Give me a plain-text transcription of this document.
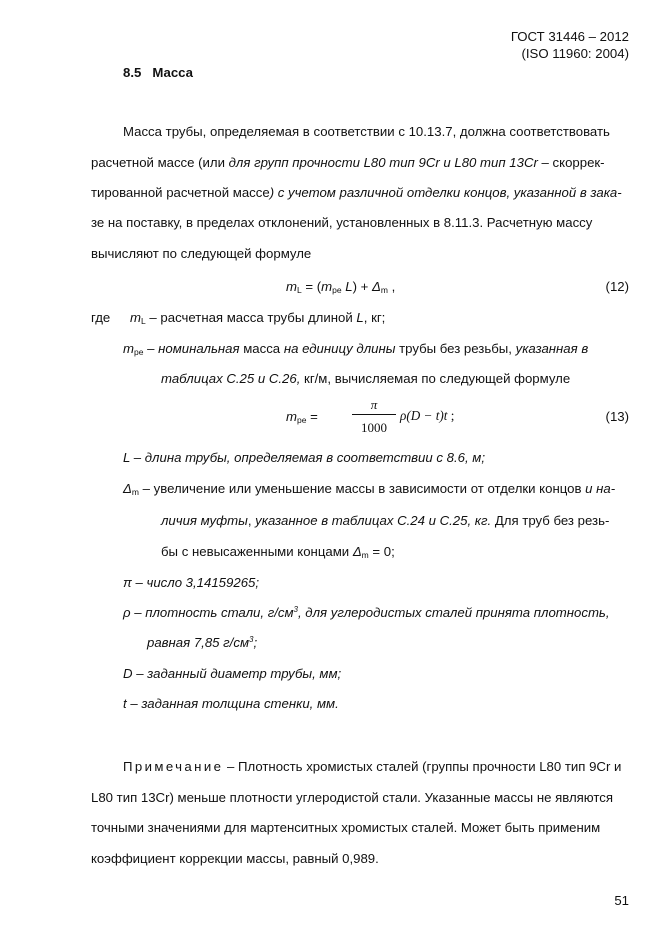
ГОСТ 31446 – 2012
(ISO 11960: 2004)
8.5 Масса
Масса трубы, определяемая в соответствии с 10.13.7, должна соответствовать
расчетной массе (или для групп прочности L80 тип 9Cr и L80 тип 13Cr – скоррек-
тированной расчетной массе) с учетом различной отделки концов, указанной в зака-
зе на поставку, в пределах отклонений, установленных в 8.11.3. Расчетную массу
вычисляют по следующей формуле
$m_L = (m_{pe}$ $L) + \Delta_m$ ,	(12)
где $m_L$ – расчетная масса трубы длиной L, кг;
$m_{pe}$ – номинальная масса на единицу длины трубы без резьбы, указанная в
таблицах С.25 и С.26, кг/м, вычисляемая по следующей формуле
$m_{pe}$ =
π
1000
ρ(D − t)t ;	(13)
L – длина трубы, определяемая в соответствии с 8.6, м;
$\Delta_m$ – увеличение или уменьшение массы в зависимости от отделки концов и на-
личия муфты, указанное в таблицах С.24 и С.25, кг. Для труб без резь-
бы с невысаженными концами $\Delta_m = 0$;
π – число 3,14159265;
ρ – плотность стали, $г/см^3$, для углеродистых сталей принята плотность,
равная 7,85 $г/см^3$;
D – заданный диаметр трубы, мм;
t – заданная толщина стенки, мм.
Примечание – Плотность хромистых сталей (группы прочности L80 тип 9Cr и
L80 тип 13Cr) меньше плотности углеродистой стали. Указанные массы не являются
точными значениями для мартенситных хромистых сталей. Может быть применим
коэффициент коррекции массы, равный 0,989.
51
